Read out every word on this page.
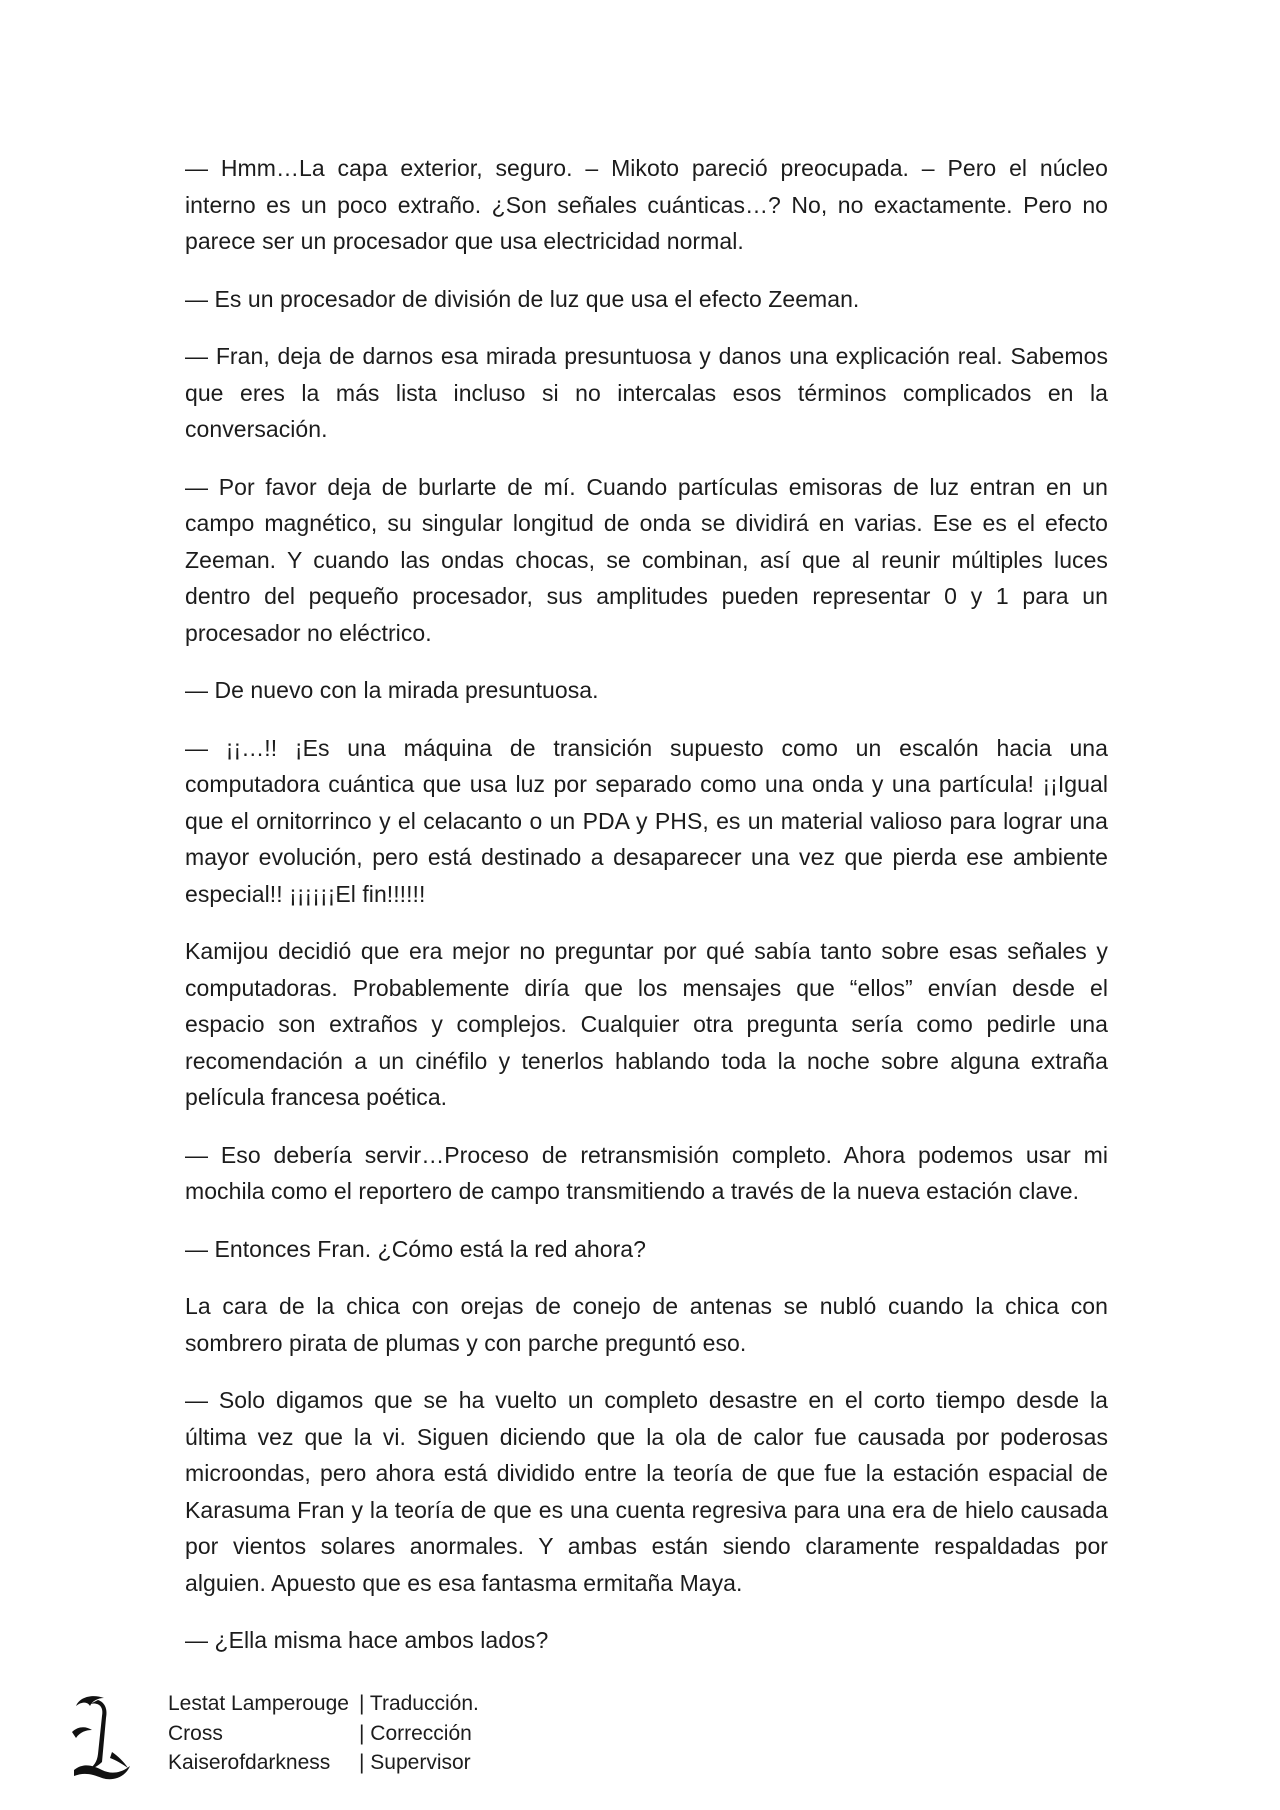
— Hmm…La capa exterior, seguro. – Mikoto pareció preocupada. – Pero el núcleo interno es un poco extraño. ¿Son señales cuánticas…? No, no exactamente. Pero no parece ser un procesador que usa electricidad normal.

— Es un procesador de división de luz que usa el efecto Zeeman.

— Fran, deja de darnos esa mirada presuntuosa y danos una explicación real. Sabemos que eres la más lista incluso si no intercalas esos términos complicados en la conversación.

— Por favor deja de burlarte de mí. Cuando partículas emisoras de luz entran en un campo magnético, su singular longitud de onda se dividirá en varias. Ese es el efecto Zeeman. Y cuando las ondas chocas, se combinan, así que al reunir múltiples luces dentro del pequeño procesador, sus amplitudes pueden representar 0 y 1 para un procesador no eléctrico.

— De nuevo con la mirada presuntuosa.

— ¡¡…!! ¡Es una máquina de transición supuesto como un escalón hacia una computadora cuántica que usa luz por separado como una onda y una partícula! ¡¡Igual que el ornitorrinco y el celacanto o un PDA y PHS, es un material valioso para lograr una mayor evolución, pero está destinado a desaparecer una vez que pierda ese ambiente especial!! ¡¡¡¡¡¡El fin!!!!!!

Kamijou decidió que era mejor no preguntar por qué sabía tanto sobre esas señales y computadoras. Probablemente diría que los mensajes que “ellos” envían desde el espacio son extraños y complejos. Cualquier otra pregunta sería como pedirle una recomendación a un cinéfilo y tenerlos hablando toda la noche sobre alguna extraña película francesa poética.

— Eso debería servir…Proceso de retransmisión completo. Ahora podemos usar mi mochila como el reportero de campo transmitiendo a través de la nueva estación clave.

— Entonces Fran. ¿Cómo está la red ahora?

La cara de la chica con orejas de conejo de antenas se nubló cuando la chica con sombrero pirata de plumas y con parche preguntó eso.

— Solo digamos que se ha vuelto un completo desastre en el corto tiempo desde la última vez que la vi. Siguen diciendo que la ola de calor fue causada por poderosas microondas, pero ahora está dividido entre la teoría de que fue la estación espacial de Karasuma Fran y la teoría de que es una cuenta regresiva para una era de hielo causada por vientos solares anormales. Y ambas están siendo claramente respaldadas por alguien. Apuesto que es esa fantasma ermitaña Maya.

— ¿Ella misma hace ambos lados?

Lestat Lamperouge | Traducción.
Cross	| Corrección
Kaiserofdarkness	| Supervisor
